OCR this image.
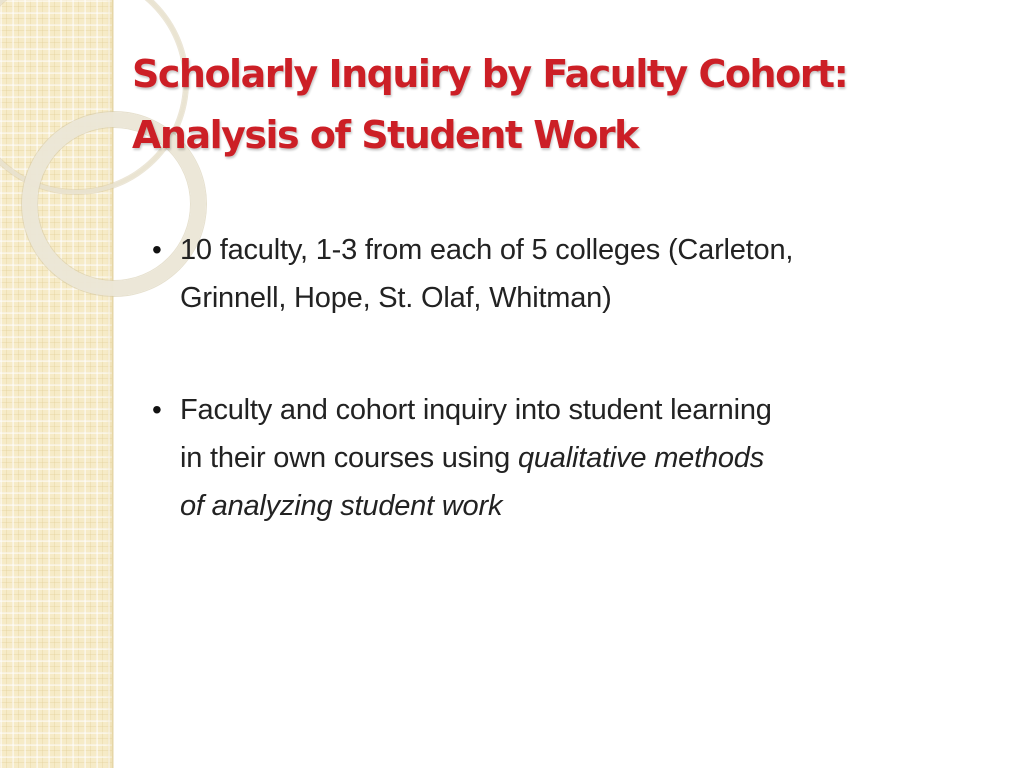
Scholarly Inquiry by Faculty Cohort:
Analysis of Student Work
• 10 faculty, 1-3 from each of 5 colleges (Carleton,
Grinnell, Hope, St. Olaf, Whitman)
• Faculty and cohort inquiry into student learning
in their own courses using qualitative methods
of analyzing student work
